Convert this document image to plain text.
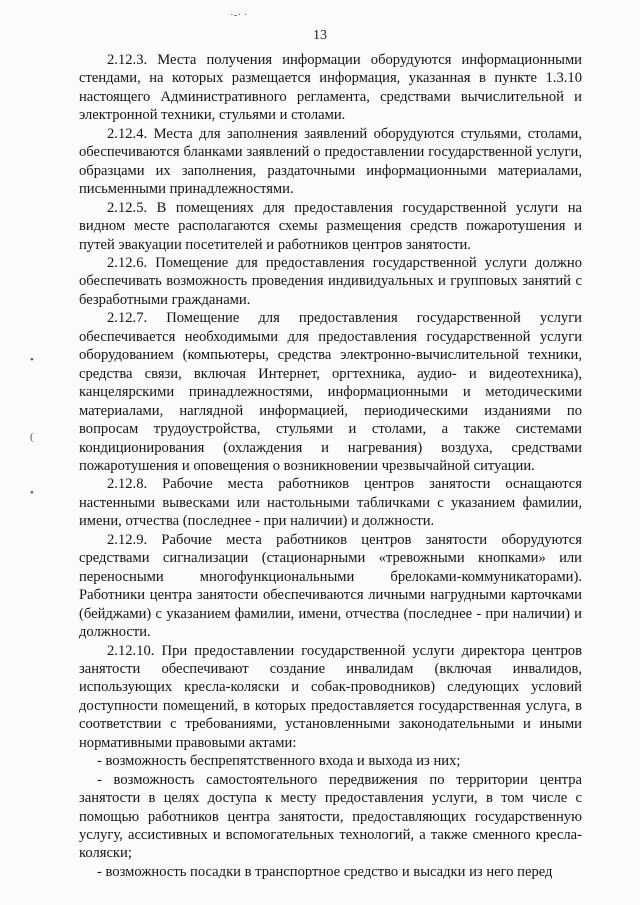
·-· ·
•
(
•
13

2.12.3. Места получения информации оборудуются информационными стендами, на которых размещается информация, указанная в пункте 1.3.10 настоящего Административного регламента, средствами вычислительной и электронной техники, стульями и столами.

2.12.4. Места для заполнения заявлений оборудуются стульями, столами, обеспечиваются бланками заявлений о предоставлении государственной услуги, образцами их заполнения, раздаточными информационными материалами, письменными принадлежностями.

2.12.5. В помещениях для предоставления государственной услуги на видном месте располагаются схемы размещения средств пожаротушения и путей эвакуации посетителей и работников центров занятости.

2.12.6. Помещение для предоставления государственной услуги должно обеспечивать возможность проведения индивидуальных и групповых занятий с безработными гражданами.

2.12.7. Помещение для предоставления государственной услуги обеспечивается необходимыми для предоставления государственной услуги оборудованием (компьютеры, средства электронно-вычислительной техники, средства связи, включая Интернет, оргтехника, аудио- и видеотехника), канцелярскими принадлежностями, информационными и методическими материалами, наглядной информацией, периодическими изданиями по вопросам трудоустройства, стульями и столами, а также системами кондиционирования (охлаждения и нагревания) воздуха, средствами пожаротушения и оповещения о возникновении чрезвычайной ситуации.

2.12.8. Рабочие места работников центров занятости оснащаются настенными вывесками или настольными табличками с указанием фамилии, имени, отчества (последнее - при наличии) и должности.

2.12.9. Рабочие места работников центров занятости оборудуются средствами сигнализации (стационарными «тревожными кнопками» или переносными многофункциональными брелоками-коммуникаторами). Работники центра занятости обеспечиваются личными нагрудными карточками (бейджами) с указанием фамилии, имени, отчества (последнее - при наличии) и должности.

2.12.10. При предоставлении государственной услуги директора центров занятости обеспечивают создание инвалидам (включая инвалидов, использующих кресла-коляски и собак-проводников) следующих условий доступности помещений, в которых предоставляется государственная услуга, в соответствии с требованиями, установленными законодательными и иными нормативными правовыми актами:

- возможность беспрепятственного входа и выхода из них;

- возможность самостоятельного передвижения по территории центра занятости в целях доступа к месту предоставления услуги, в том числе с помощью работников центра занятости, предоставляющих государственную услугу, ассистивных и вспомогательных технологий, а также сменного кресла-коляски;

- возможность посадки в транспортное средство и высадки из него перед
